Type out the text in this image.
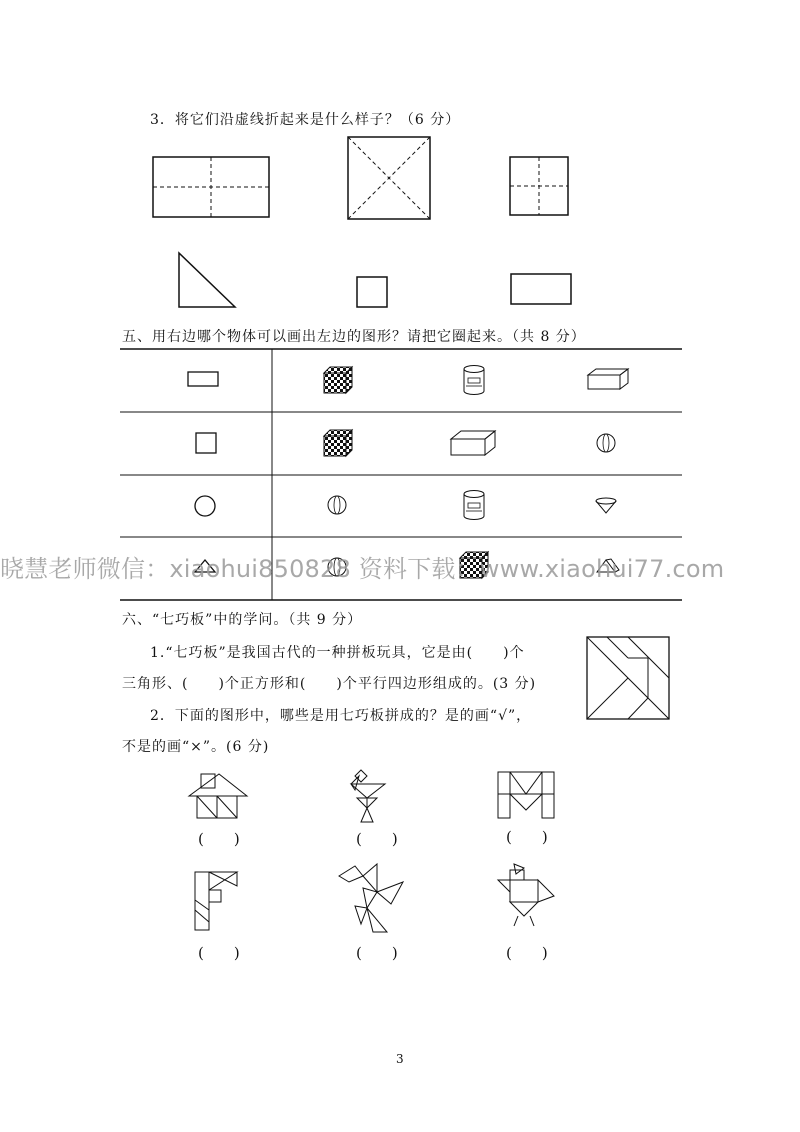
3．将它们沿虚线折起来是什么样子？（6 分）
五、用右边哪个物体可以画出左边的图形？请把它圈起来。（共 8 分）
晓慧老师微信：xiaohui850828 资料下载：www.xiaohui77.com
六、“七巧板”中的学问。（共 9 分）
1.“七巧板”是我国古代的一种拼板玩具，它是由(　　)个
三角形、(　　)个正方形和(　　)个平行四边形组成的。(3 分)
2．下面的图形中，哪些是用七巧板拼成的？是的画“√”，
不是的画“×”。(6 分)
(　　)	(　　)	(　　)
(　　)	(　　)	(　　)
3
